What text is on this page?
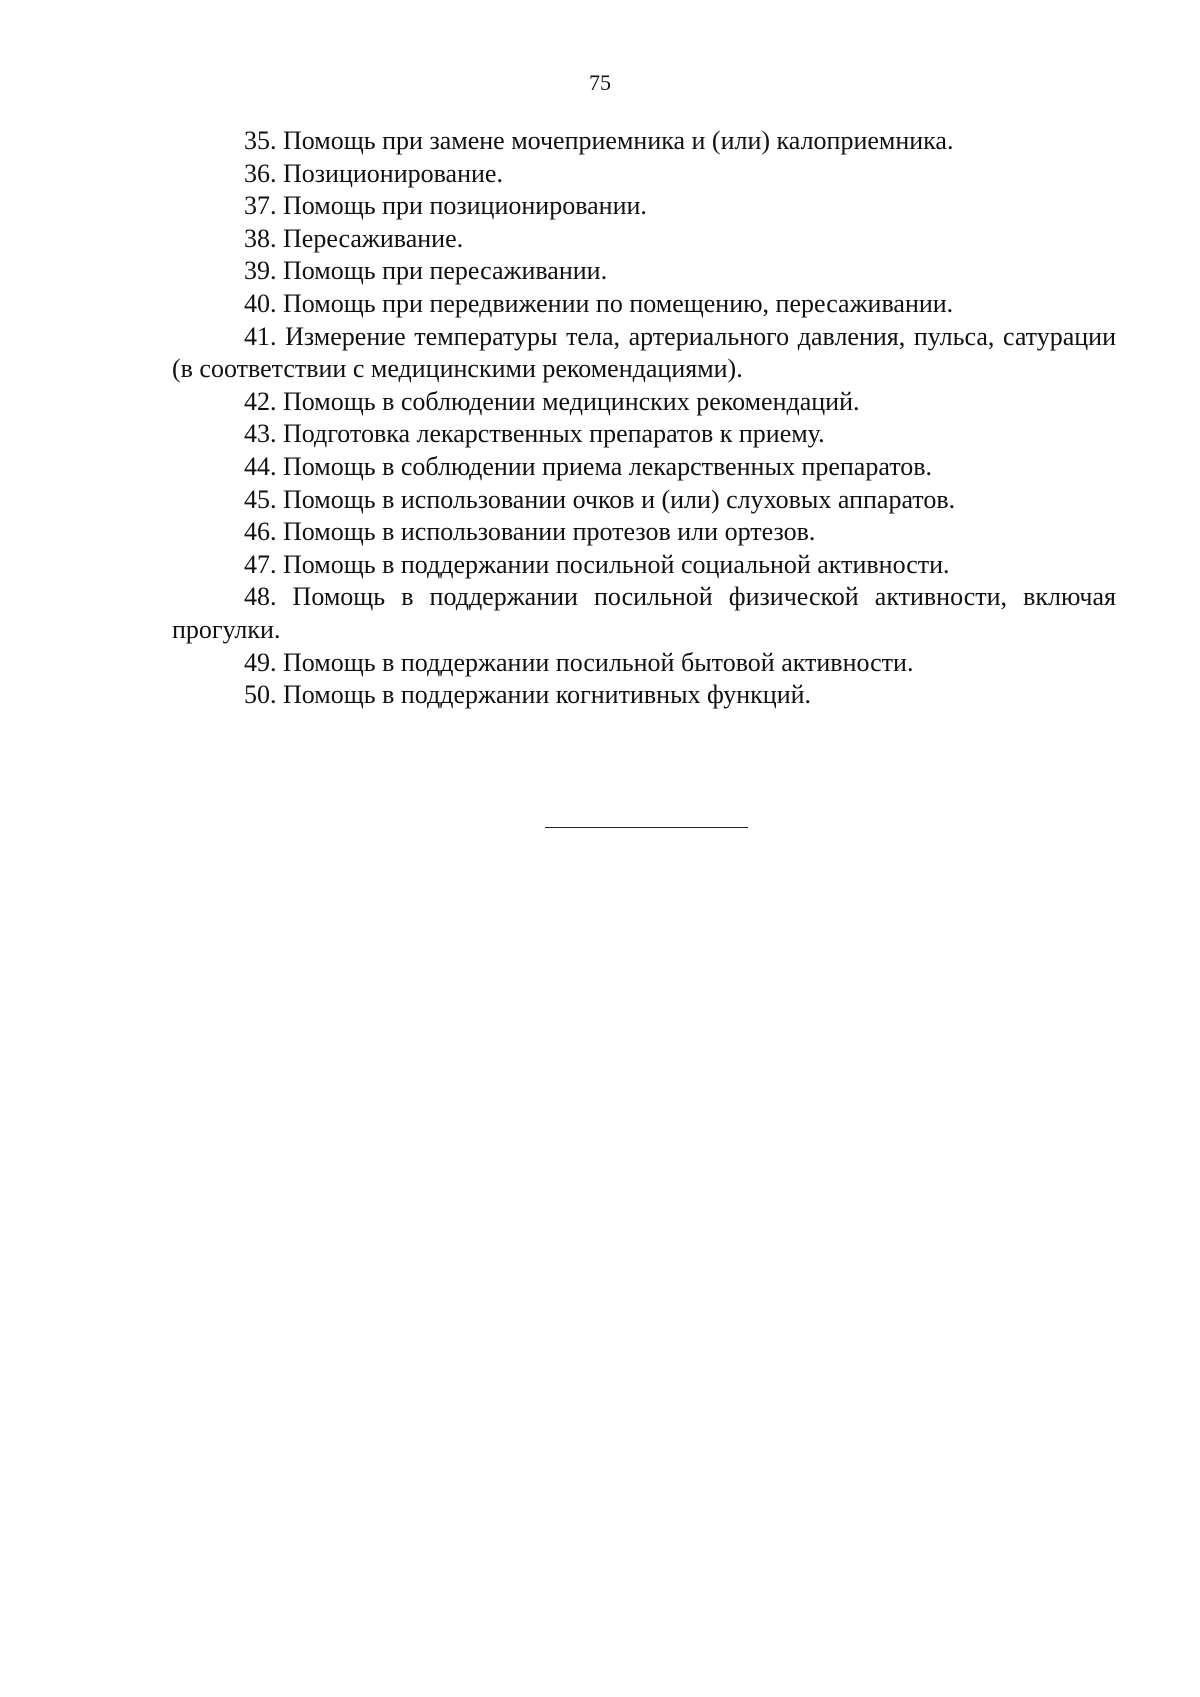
75

35. Помощь при замене мочеприемника и (или) калоприемника.

36. Позиционирование.

37. Помощь при позиционировании.

38. Пересаживание.

39. Помощь при пересаживании.

40. Помощь при передвижении по помещению, пересаживании.

41. Измерение температуры тела, артериального давления, пульса, сатурации (в соответствии с медицинскими рекомендациями).

42. Помощь в соблюдении медицинских рекомендаций.

43. Подготовка лекарственных препаратов к приему.

44. Помощь в соблюдении приема лекарственных препаратов.

45. Помощь в использовании очков и (или) слуховых аппаратов.

46. Помощь в использовании протезов или ортезов.

47. Помощь в поддержании посильной социальной активности.

48. Помощь в поддержании посильной физической активности, включая прогулки.

49. Помощь в поддержании посильной бытовой активности.

50. Помощь в поддержании когнитивных функций.
